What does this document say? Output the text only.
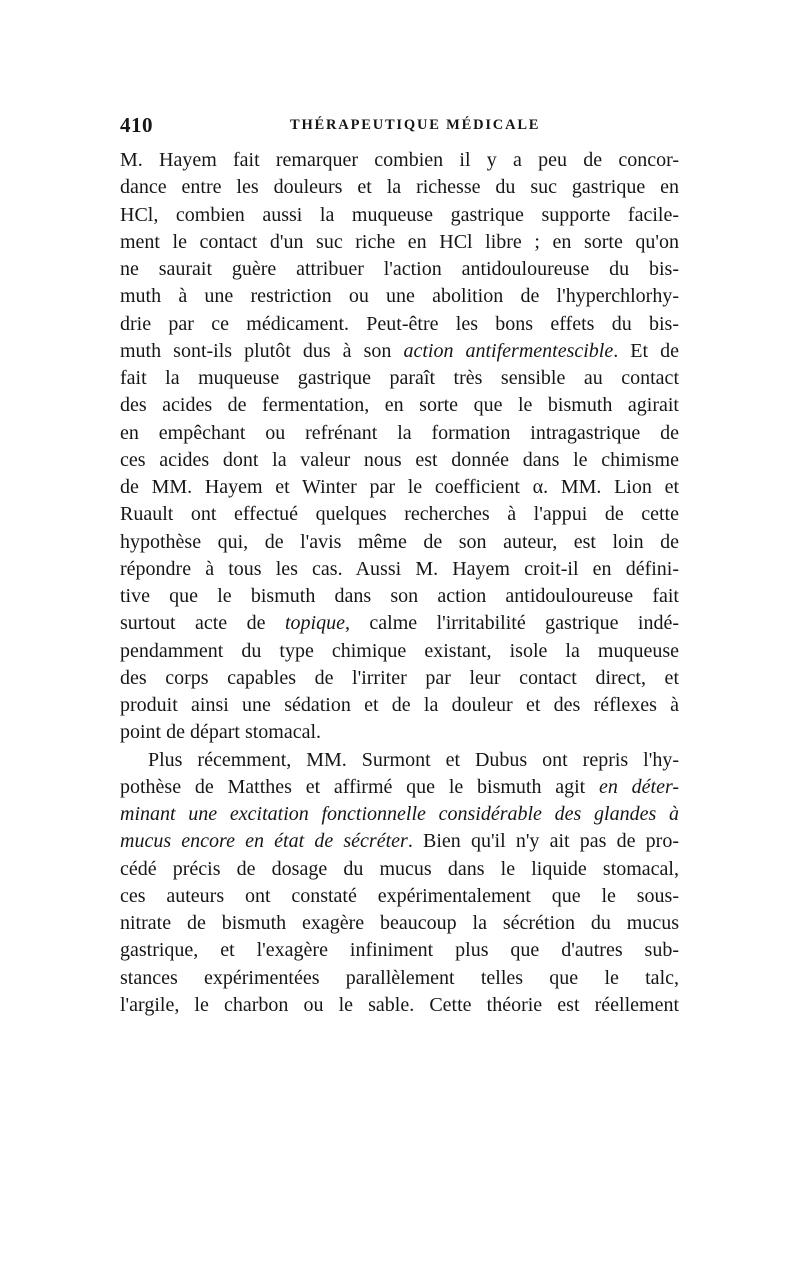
410	THÉRAPEUTIQUE MÉDICALE
M. Hayem fait remarquer combien il y a peu de concor-
dance entre les douleurs et la richesse du suc gastrique en
HCl, combien aussi la muqueuse gastrique supporte facile-
ment le contact d'un suc riche en HCl libre ; en sorte qu'on
ne saurait guère attribuer l'action antidouloureuse du bis-
muth à une restriction ou une abolition de l'hyperchlorhy-
drie par ce médicament. Peut-être les bons effets du bis-
muth sont-ils plutôt dus à son action antifermentescible. Et de
fait la muqueuse gastrique paraît très sensible au contact
des acides de fermentation, en sorte que le bismuth agirait
en empêchant ou refrénant la formation intragastrique de
ces acides dont la valeur nous est donnée dans le chimisme
de MM. Hayem et Winter par le coefficient α. MM. Lion et
Ruault ont effectué quelques recherches à l'appui de cette
hypothèse qui, de l'avis même de son auteur, est loin de
répondre à tous les cas. Aussi M. Hayem croit-il en défini-
tive que le bismuth dans son action antidouloureuse fait
surtout acte de topique, calme l'irritabilité gastrique indé-
pendamment du type chimique existant, isole la muqueuse
des corps capables de l'irriter par leur contact direct, et
produit ainsi une sédation et de la douleur et des réflexes à
point de départ stomacal.
Plus récemment, MM. Surmont et Dubus ont repris l'hy-
pothèse de Matthes et affirmé que le bismuth agit en déter-
minant une excitation fonctionnelle considérable des glandes à
mucus encore en état de sécréter. Bien qu'il n'y ait pas de pro-
cédé précis de dosage du mucus dans le liquide stomacal,
ces auteurs ont constaté expérimentalement que le sous-
nitrate de bismuth exagère beaucoup la sécrétion du mucus
gastrique, et l'exagère infiniment plus que d'autres sub-
stances expérimentées parallèlement telles que le talc,
l'argile, le charbon ou le sable. Cette théorie est réellement
